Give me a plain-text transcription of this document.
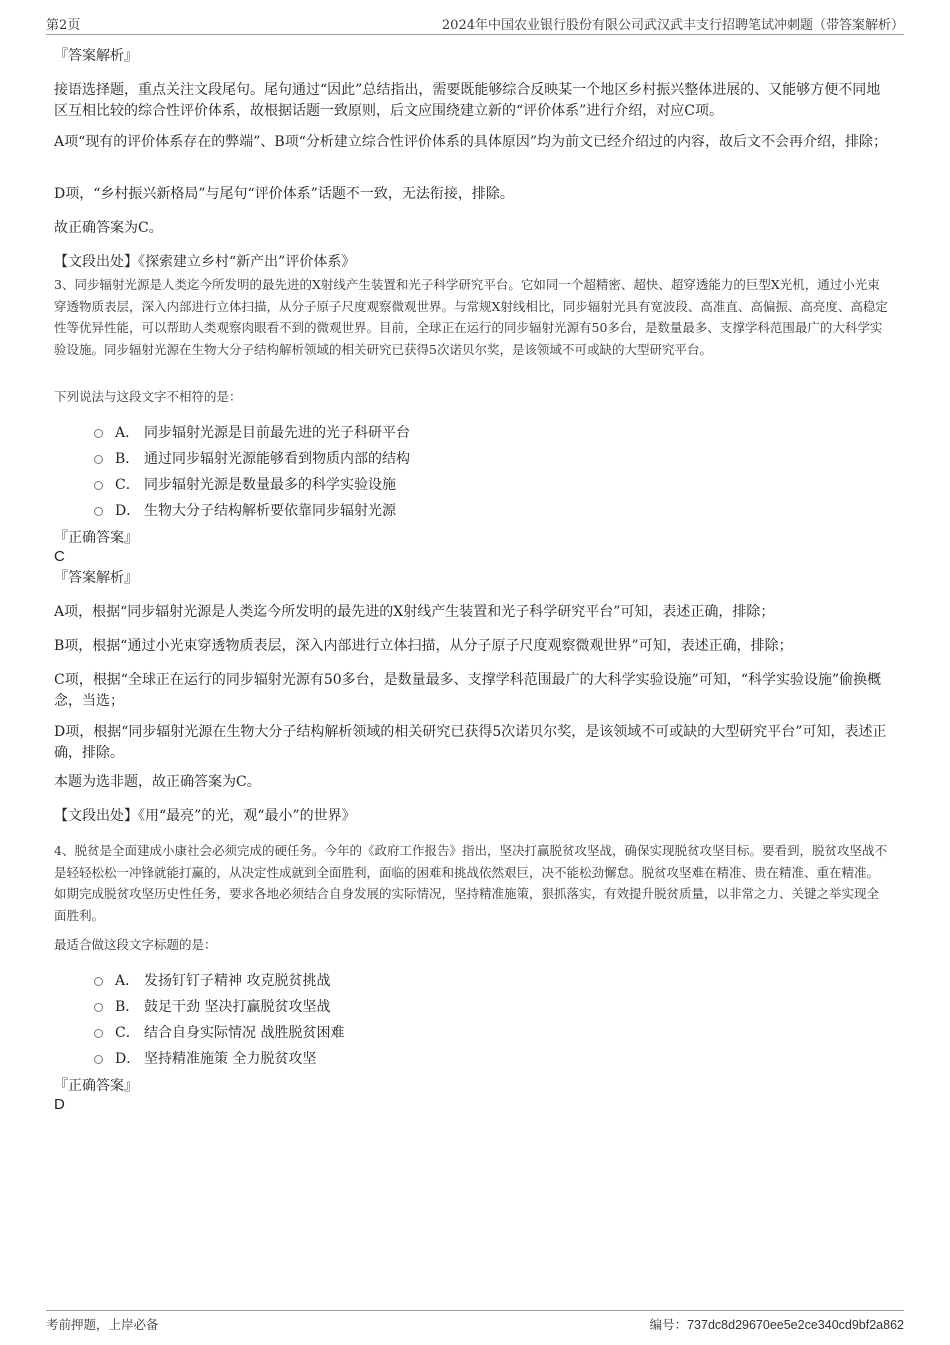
第2页	2024年中国农业银行股份有限公司武汉武丰支行招聘笔试冲刺题（带答案解析）
『答案解析』
接语选择题，重点关注文段尾句。尾句通过“因此”总结指出，需要既能够综合反映某一个地区乡村振兴整体进展的、又能够方便不同地区互相比较的综合性评价体系，故根据话题一致原则，后文应围绕建立新的“评价体系”进行介绍，对应C项。
A项“现有的评价体系存在的弊端”、B项“分析建立综合性评价体系的具体原因”均为前文已经介绍过的内容，故后文不会再介绍，排除；
D项，“乡村振兴新格局”与尾句“评价体系”话题不一致，无法衔接，排除。
故正确答案为C。
【文段出处】《探索建立乡村“新产出”评价体系》
3、同步辐射光源是人类迄今所发明的最先进的X射线产生装置和光子科学研究平台。它如同一个超精密、超快、超穿透能力的巨型X光机，通过小光束穿透物质表层，深入内部进行立体扫描，从分子原子尺度观察微观世界。与常规X射线相比，同步辐射光具有宽波段、高准直、高偏振、高亮度、高稳定性等优异性能，可以帮助人类观察肉眼看不到的微观世界。目前，全球正在运行的同步辐射光源有50多台，是数量最多、支撑学科范围最广的大科学实验设施。同步辐射光源在生物大分子结构解析领域的相关研究已获得5次诺贝尔奖，是该领域不可或缺的大型研究平台。
下列说法与这段文字不相符的是：
A． 同步辐射光源是目前最先进的光子科研平台
B． 通过同步辐射光源能够看到物质内部的结构
C． 同步辐射光源是数量最多的科学实验设施
D． 生物大分子结构解析要依靠同步辐射光源
『正确答案』
C
『答案解析』
A项，根据“同步辐射光源是人类迄今所发明的最先进的X射线产生装置和光子科学研究平台”可知，表述正确，排除；
B项，根据“通过小光束穿透物质表层，深入内部进行立体扫描，从分子原子尺度观察微观世界”可知，表述正确，排除；
C项，根据“全球正在运行的同步辐射光源有50多台，是数量最多、支撑学科范围最广的大科学实验设施”可知，“科学实验设施”偷换概念，当选；
D项，根据“同步辐射光源在生物大分子结构解析领域的相关研究已获得5次诺贝尔奖，是该领域不可或缺的大型研究平台”可知，表述正确，排除。
本题为选非题，故正确答案为C。
【文段出处】《用“最亮”的光，观“最小”的世界》
4、脱贫是全面建成小康社会必须完成的硬任务。今年的《政府工作报告》指出，坚决打赢脱贫攻坚战，确保实现脱贫攻坚目标。要看到，脱贫攻坚战不是轻轻松松一冲锋就能打赢的，从决定性成就到全面胜利，面临的困难和挑战依然艰巨，决不能松劲懈怠。脱贫攻坚难在精准、贵在精准、重在精准。如期完成脱贫攻坚历史性任务，要求各地必须结合自身发展的实际情况，坚持精准施策，狠抓落实，有效提升脱贫质量，以非常之力、关键之举实现全面胜利。
最适合做这段文字标题的是：
A． 发扬钉钉子精神 攻克脱贫挑战
B． 鼓足干劲 坚决打赢脱贫攻坚战
C． 结合自身实际情况 战胜脱贫困难
D． 坚持精准施策 全力脱贫攻坚
『正确答案』
D
考前押题，上岸必备	编号：737dc8d29670ee5e2ce340cd9bf2a862
